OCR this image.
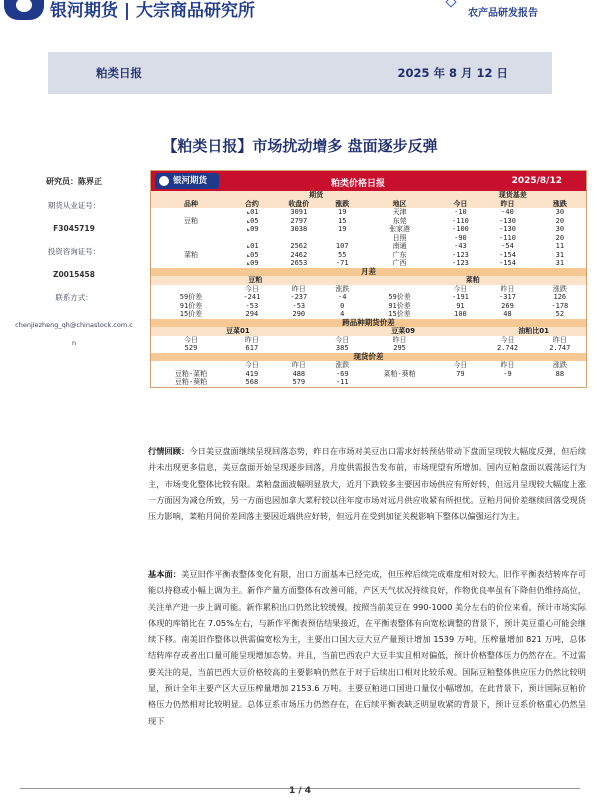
银河期货 | 大宗商品研究所	农产品研发报告
粕类日报	2025 年 8 月 12 日
【粕类日报】市场扰动增多 盘面逐步反弹
研究员：陈界正
期货从业证号：
F3045719
投资咨询证号：
Z0015458
联系方式：
chenjiezheng_qh@chinastock.com.cn
银河期货	粕类价格日报	2025/8/12
		期货			现货基差		
品种	合约	收盘价	涨跌	地区	今日	昨日	涨跌
	01	3091	19	天津	-10	-40	30
豆粕	05	2797	15	东莞	-110	-130	20
	09	3038	19	张家港	-100	-130	30
				日照	-90	-110	20
	01	2562	107	南通	-43	-54	11
菜粕	05	2462	55	广东	-123	-154	31
	09	2653	-71	广西	-123	-154	31
月差							
豆粕				菜粕			
	今日	昨日	涨跌		今日	昨日	涨跌
59价差	-241	-237	-4	59价差	-191	-317	126
91价差	-53	-53	0	91价差	91	269	-178
15价差	294	290	4	15价差	100	48	52
跨品种期货价差							
豆菜01			豆菜09			油粕比01	
今日	昨日		今日	昨日		今日	昨日
529	617		385	295		2.742	2.747
现货价差							
	今日	昨日	涨跌		今日	昨日	涨跌
豆粕-菜粕	419	488	-69	菜粕-葵粕	79	-9	88
豆粕-葵粕	568	579	-11				
行情回顾：今日美豆盘面继续呈现回落态势，昨日在市场对美豆出口需求好转预估带动下盘面呈现较大幅度反弹，但后续并未出现更多信息，美豆盘面开始呈现逐步回落，月度供需报告发布前，市场现望有所增加。国内豆粕盘面以震荡运行为主，市场变化整体比较有限。菜粕盘面波幅明显放大，近月下跌较多主要因市场供应有所好转，但远月呈现较大幅度上涨一方面因为减仓所致，另一方面也因加拿大菜籽较以往年度市场对远月供应收紧有所担忧。豆粕月间价差继续回落受现货压力影响，菜粕月间价差回落主要因近端供应好转，但远月在受到加征关税影响下整体以偏强运行为主。
基本面：美豆旧作平衡表整体变化有限，出口方面基本已经完成，但压榨后续完成难度相对较大。旧作平衡表结转库存可能以持稳或小幅上调为主。新作产量方面整体有改善可能，产区天气状况持续良好，作物优良率虽有下降但仍维持高位，关注单产进一步上调可能。新作累积出口仍然比较缓慢，按照当前美豆在 990-1000 美分左右的价位来看，预计市场实际体现的库销比在 7.05%左右，与新作平衡表预估结果接近，在平衡表整体有向宽松调整的背景下，预计美豆重心可能会继续下移。南美旧作整体以供需偏宽松为主，主要出口国大豆大豆产量预计增加 1539 万吨，压榨量增加 821 万吨，总体结转库存或者出口量可能呈现增加态势。并且，当前巴西农户大豆丰实且相对偏低，预计价格整体压力仍然存在。不过需要关注的是，当前巴西大豆价格较高的主要影响仍然在于对于后续出口相对比较乐观。国际豆粕整体供应压力仍然比较明显，预计全年主要产区大豆压榨量增加 2153.6 万吨。主要豆粕进口国进口量仅小幅增加，在此背景下，预计国际豆粕价格压力仍然相对比较明显。总体豆系市场压力仍然存在，在后续平衡表缺乏明显收紧的背景下，预计豆系价格重心仍然呈现下
1 / 4
